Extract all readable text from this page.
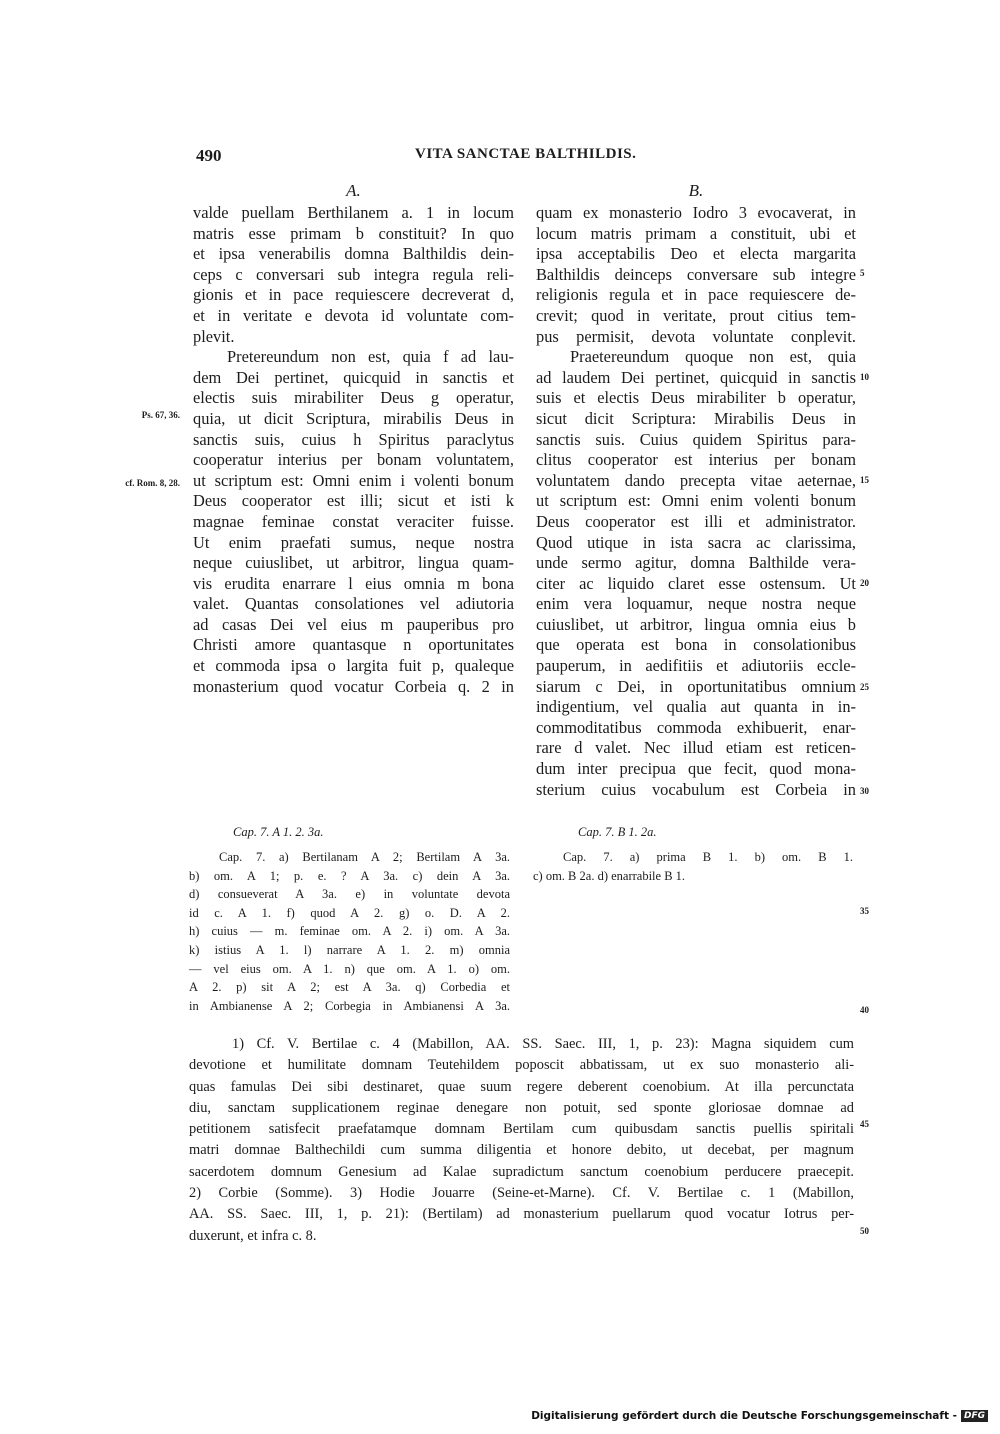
490	VITA SANCTAE BALTHILDIS.
A.	B.
valde puellam Berthilanem a. 1 in locum
matris esse primam b constituit? In quo
et ipsa venerabilis domna Balthildis dein-
ceps c conversari sub integra regula reli-
gionis et in pace requiescere decreverat d,
et in veritate e devota id voluntate com-
plevit.
Pretereundum non est, quia f ad lau-
dem Dei pertinet, quicquid in sanctis et
electis suis mirabiliter Deus g operatur,
quia, ut dicit Scriptura, mirabilis Deus in
sanctis suis, cuius h Spiritus paraclytus
cooperatur interius per bonam voluntatem,
ut scriptum est: Omni enim i volenti bonum
Deus cooperator est illi; sicut et isti k
magnae feminae constat veraciter fuisse.
Ut enim praefati sumus, neque nostra
neque cuiuslibet, ut arbitror, lingua quam-
vis erudita enarrare l eius omnia m bona
valet. Quantas consolationes vel adiutoria
ad casas Dei vel eius m pauperibus pro
Christi amore quantasque n oportunitates
et commoda ipsa o largita fuit p, qualeque
monasterium quod vocatur Corbeia q. 2 in
quam ex monasterio Iodro 3 evocaverat, in
locum matris primam a constituit, ubi et
ipsa acceptabilis Deo et electa margarita
Balthildis deinceps conversare sub integre
religionis regula et in pace requiescere de-
crevit; quod in veritate, prout citius tem-
pus permisit, devota voluntate conplevit.
Praetereundum quoque non est, quia
ad laudem Dei pertinet, quicquid in sanctis
suis et electis Deus mirabiliter b operatur,
sicut dicit Scriptura: Mirabilis Deus in
sanctis suis. Cuius quidem Spiritus para-
clitus cooperator est interius per bonam
voluntatem dando precepta vitae aeternae,
ut scriptum est: Omni enim volenti bonum
Deus cooperator est illi et administrator.
Quod utique in ista sacra ac clarissima,
unde sermo agitur, domna Balthilde vera-
citer ac liquido claret esse ostensum. Ut
enim vera loquamur, neque nostra neque
cuiuslibet, ut arbitror, lingua omnia eius b
que operata est bona in consolationibus
pauperum, in aedifitiis et adiutoriis eccle-
siarum c Dei, in oportunitatibus omnium
indigentium, vel qualia aut quanta in in-
commoditatibus commoda exhibuerit, enar-
rare d valet. Nec illud etiam est reticen-
dum inter precipua que fecit, quod mona-
sterium cuius vocabulum est Corbeia in
Ps. 67, 36.
cf. Rom. 8, 28.
5
10
15
20
25
30
35
40
45
50
Cap. 7. A 1. 2. 3a.
Cap. 7. a) Bertilanam A 2; Bertilam A 3a.
b) om. A 1; p. e. ? A 3a. c) dein A 3a.
d) consueverat A 3a. e) in voluntate devota
id c. A 1. f) quod A 2. g) o. D. A 2.
h) cuius — m. feminae om. A 2. i) om. A 3a.
k) istius A 1. l) narrare A 1. 2. m) omnia
— vel eius om. A 1. n) que om. A 1. o) om.
A 2. p) sit A 2; est A 3a. q) Corbedia et
in Ambianense A 2; Corbegia in Ambianensi A 3a.
Cap. 7. B 1. 2a.
Cap. 7. a) prima B 1. b) om. B 1.
c) om. B 2a. d) enarrabile B 1.
1) Cf. V. Bertilae c. 4 (Mabillon, AA. SS. Saec. III, 1, p. 23): Magna siquidem cum
devotione et humilitate domnam Teutehildem poposcit abbatissam, ut ex suo monasterio ali-
quas famulas Dei sibi destinaret, quae suum regere deberent coenobium. At illa percunctata
diu, sanctam supplicationem reginae denegare non potuit, sed sponte gloriosae domnae ad
petitionem satisfecit praefatamque domnam Bertilam cum quibusdam sanctis puellis spiritali
matri domnae Balthechildi cum summa diligentia et honore debito, ut decebat, per magnum
sacerdotem domnum Genesium ad Kalae supradictum sanctum coenobium perducere praecepit.
2) Corbie (Somme). 3) Hodie Jouarre (Seine-et-Marne). Cf. V. Bertilae c. 1 (Mabillon,
AA. SS. Saec. III, 1, p. 21): (Bertilam) ad monasterium puellarum quod vocatur Iotrus per-
duxerunt, et infra c. 8.
Digitalisierung gefördert durch die Deutsche Forschungsgemeinschaft - DFG
